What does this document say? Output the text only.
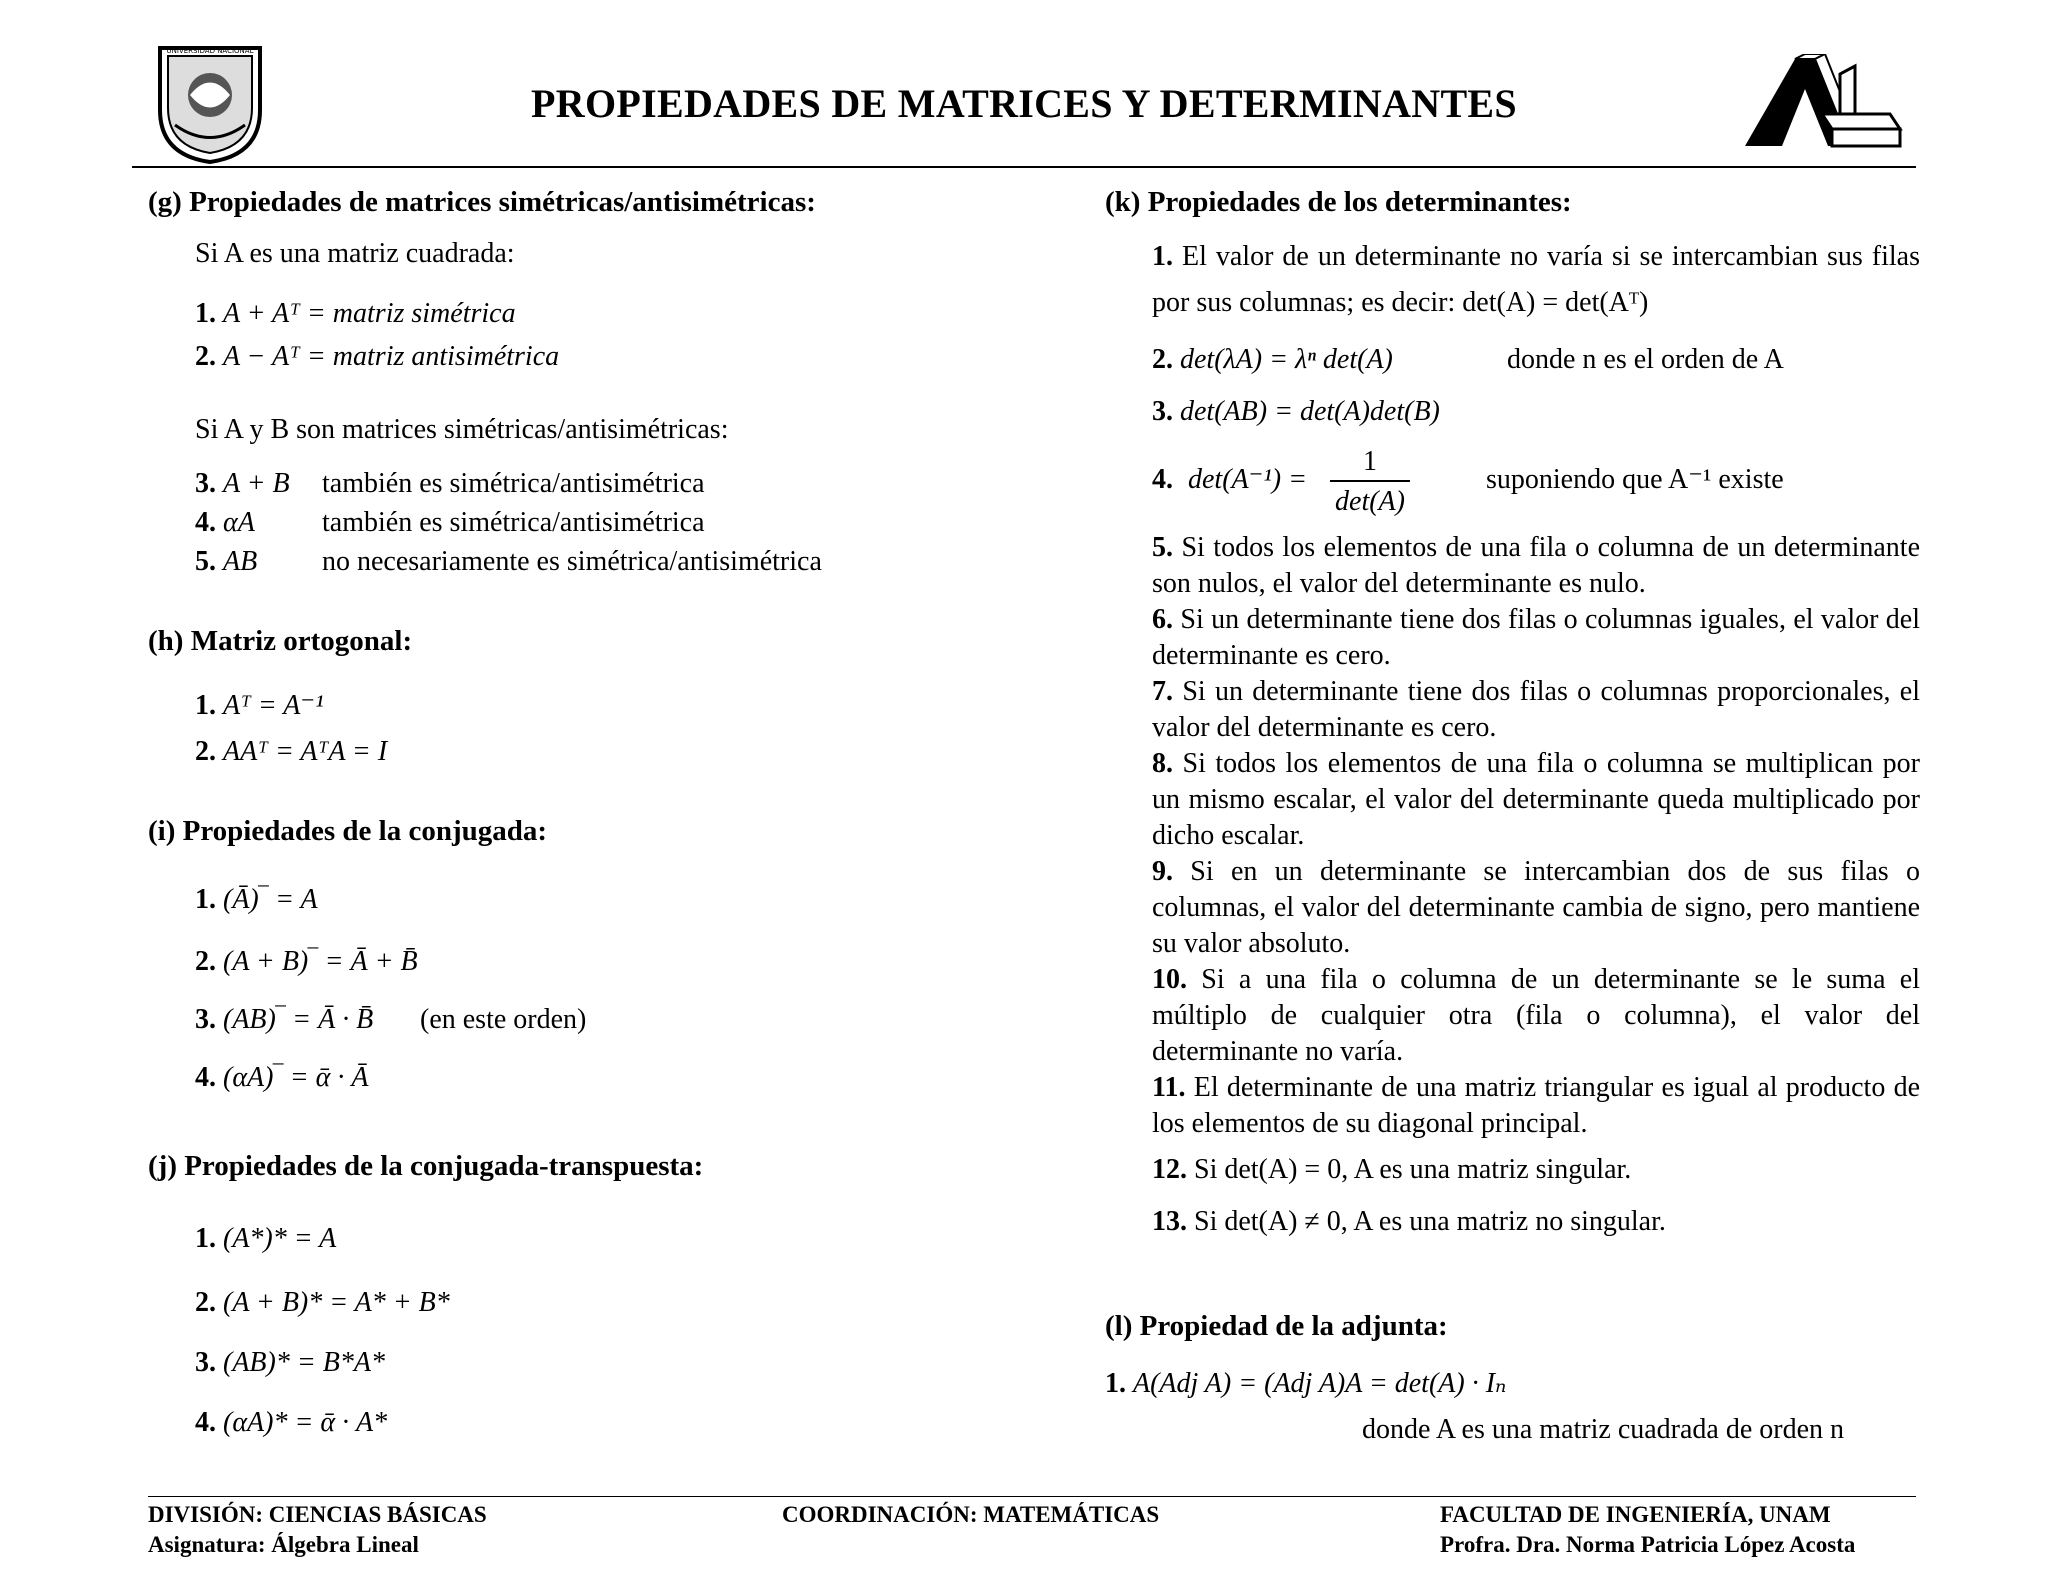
UNIVERSIDAD NACIONAL
PROPIEDADES DE MATRICES Y DETERMINANTES
(g) Propiedades de matrices simétricas/antisimétricas:
Si A es una matriz cuadrada:
1. A + Aᵀ = matriz simétrica
2. A − Aᵀ = matriz antisimétrica
Si A y B son matrices simétricas/antisimétricas:
3. A + B también es simétrica/antisimétrica
4. αA también es simétrica/antisimétrica
5. AB no necesariamente es simétrica/antisimétrica
(h) Matriz ortogonal:
1. Aᵀ = A⁻¹
2. AAᵀ = AᵀA = I
(i) Propiedades de la conjugada:
1. (Ā)‾ = A
2. (A + B)‾ = Ā + B̄
3. (AB)‾ = Ā · B̄ (en este orden)
4. (αA)‾ = ᾱ · Ā
(j) Propiedades de la conjugada-transpuesta:
1. (A*)* = A
2. (A + B)* = A* + B*
3. (AB)* = B*A*
4. (αA)* = ᾱ · A*
(k) Propiedades de los determinantes:
1. El valor de un determinante no varía si se intercambian sus filas por sus columnas; es decir: det(A) = det(Aᵀ)
2. det(λA) = λⁿ det(A)	donde n es el orden de A
3. det(AB) = det(A)det(B)
4. det(A⁻¹) =
1
det(A)
suponiendo que A⁻¹ existe
5. Si todos los elementos de una fila o columna de un determinante son nulos, el valor del determinante es nulo.
6. Si un determinante tiene dos filas o columnas iguales, el valor del determinante es cero.
7. Si un determinante tiene dos filas o columnas proporcionales, el valor del determinante es cero.
8. Si todos los elementos de una fila o columna se multiplican por un mismo escalar, el valor del determinante queda multiplicado por dicho escalar.
9. Si en un determinante se intercambian dos de sus filas o columnas, el valor del determinante cambia de signo, pero mantiene su valor absoluto.
10. Si a una fila o columna de un determinante se le suma el múltiplo de cualquier otra (fila o columna), el valor del determinante no varía.
11. El determinante de una matriz triangular es igual al producto de los elementos de su diagonal principal.
12. Si det(A) = 0, A es una matriz singular.
13. Si det(A) ≠ 0, A es una matriz no singular.
(l) Propiedad de la adjunta:
1. A(Adj A) = (Adj A)A = det(A) · Iₙ
donde A es una matriz cuadrada de orden n
DIVISIÓN: CIENCIAS BÁSICAS
Asignatura: Álgebra Lineal
COORDINACIÓN: MATEMÁTICAS	FACULTAD DE INGENIERÍA, UNAM
Profra. Dra. Norma Patricia López Acosta
